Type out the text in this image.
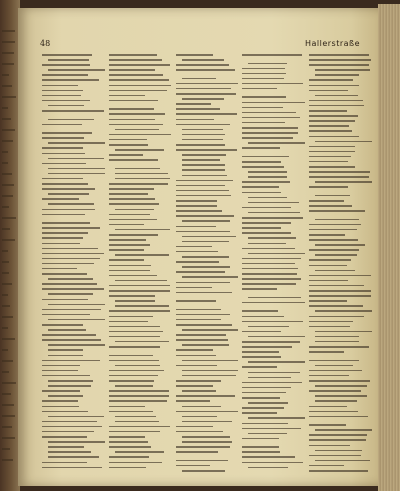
48	Hallerstraße
